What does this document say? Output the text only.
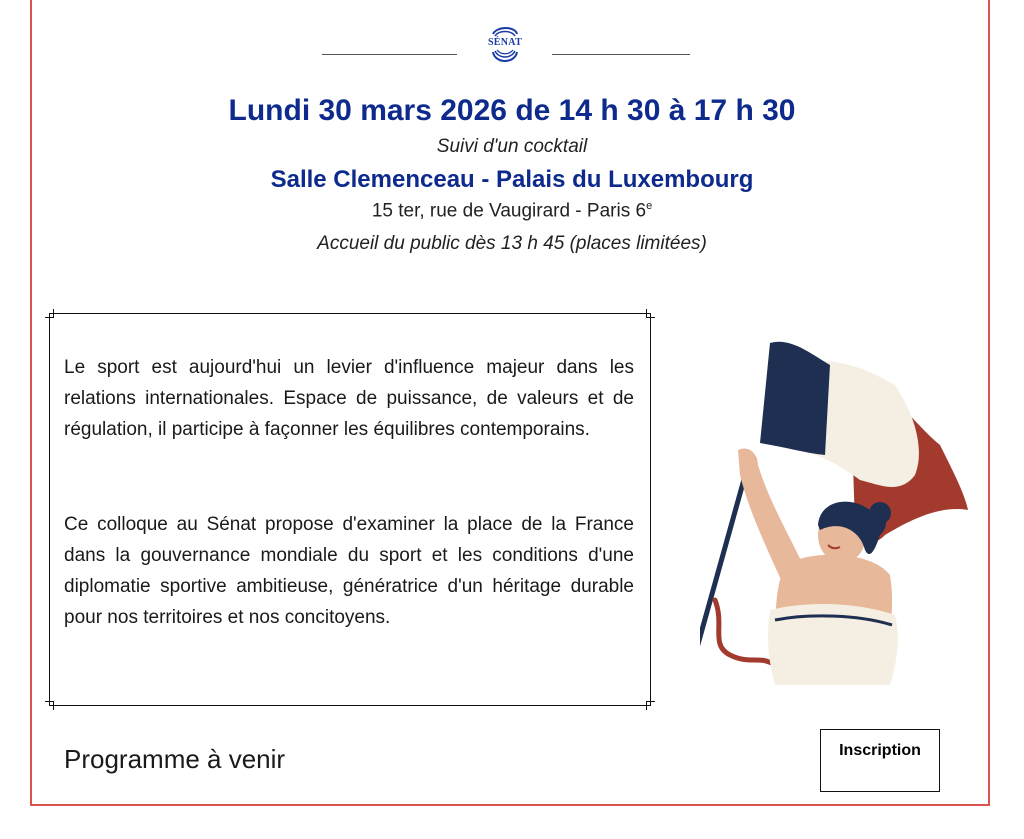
SÉNAT
Lundi 30 mars 2026 de 14 h 30 à 17 h 30
Suivi d'un cocktail
Salle Clemenceau - Palais du Luxembourg
15 ter, rue de Vaugirard - Paris 6e
Accueil du public dès 13 h 45 (places limitées)

Le sport est aujourd'hui un levier d'influence majeur dans les relations internationales. Espace de puissance, de valeurs et de régulation, il participe à façonner les équilibres contemporains.

Ce colloque au Sénat propose d'examiner la place de la France dans la gouvernance mondiale du sport et les conditions d'une diplomatie sportive ambitieuse, génératrice d'un héritage durable pour nos territoires et nos concitoyens.

Programme à venir	Inscription
